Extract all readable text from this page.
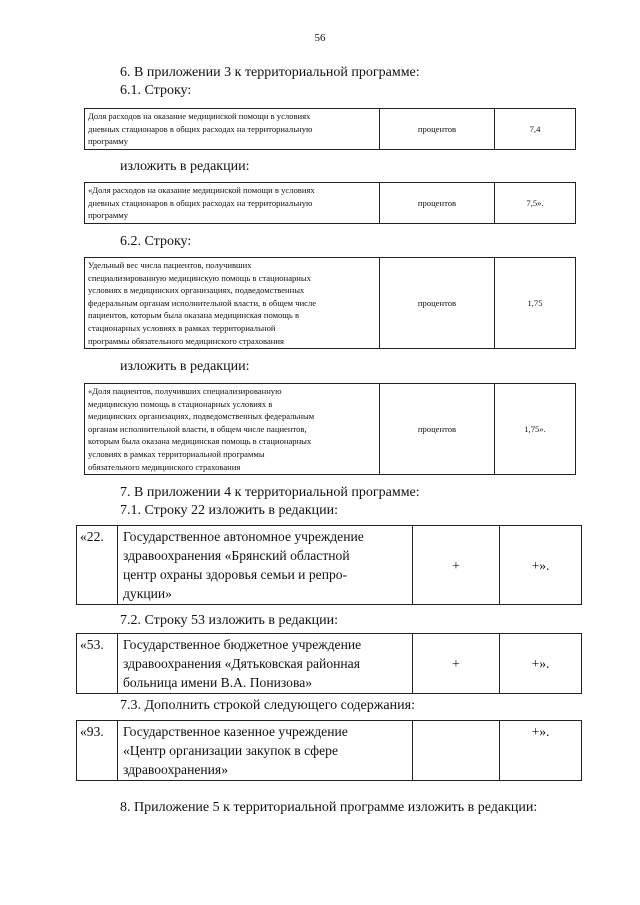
56
6. В приложении 3 к территориальной программе:
6.1. Строку:
Доля расходов на оказание медицинской помощи в условиях
дневных стационаров в общих расходах на территориальную
программу
	процентов	7,4
изложить в редакции:
«Доля расходов на оказание медицинской помощи в условиях
дневных стационаров в общих расходах на территориальную
программу
	процентов	7,5».
6.2. Строку:
Удельный вес числа пациентов, получивших
специализированную медицинскую помощь в стационарных
условиях в медицинских организациях, подведомственных
федеральным органам исполнительной власти, в общем числе
пациентов, которым была оказана медицинская помощь в
стационарных условиях в рамках территориальной
программы обязательного медицинского страхования
	процентов	1,75
изложить в редакции:
«Доля пациентов, получивших специализированную
медицинскую помощь в стационарных условиях в
медицинских организациях, подведомственных федеральным
органам исполнительной власти, в общем числе пациентов,
которым была оказана медицинская помощь в стационарных
условиях в рамках территориальной программы
обязательного медицинского страхования
	процентов	1,75».
7. В приложении 4 к территориальной программе:
7.1. Строку 22 изложить в редакции:
«22.	Государственное автономное учреждение
здравоохранения «Брянский областной
центр охраны здоровья семьи и репро-
дукции»
	+	+».
7.2. Строку 53 изложить в редакции:
«53.	Государственное бюджетное учреждение
здравоохранения «Дятьковская районная
больница имени В.А. Понизова»
	+	+».
7.3. Дополнить строкой следующего содержания:
«93.	Государственное казенное учреждение
«Центр организации закупок в сфере
здравоохранения»
		+».
8. Приложение 5 к территориальной программе изложить в редакции:
